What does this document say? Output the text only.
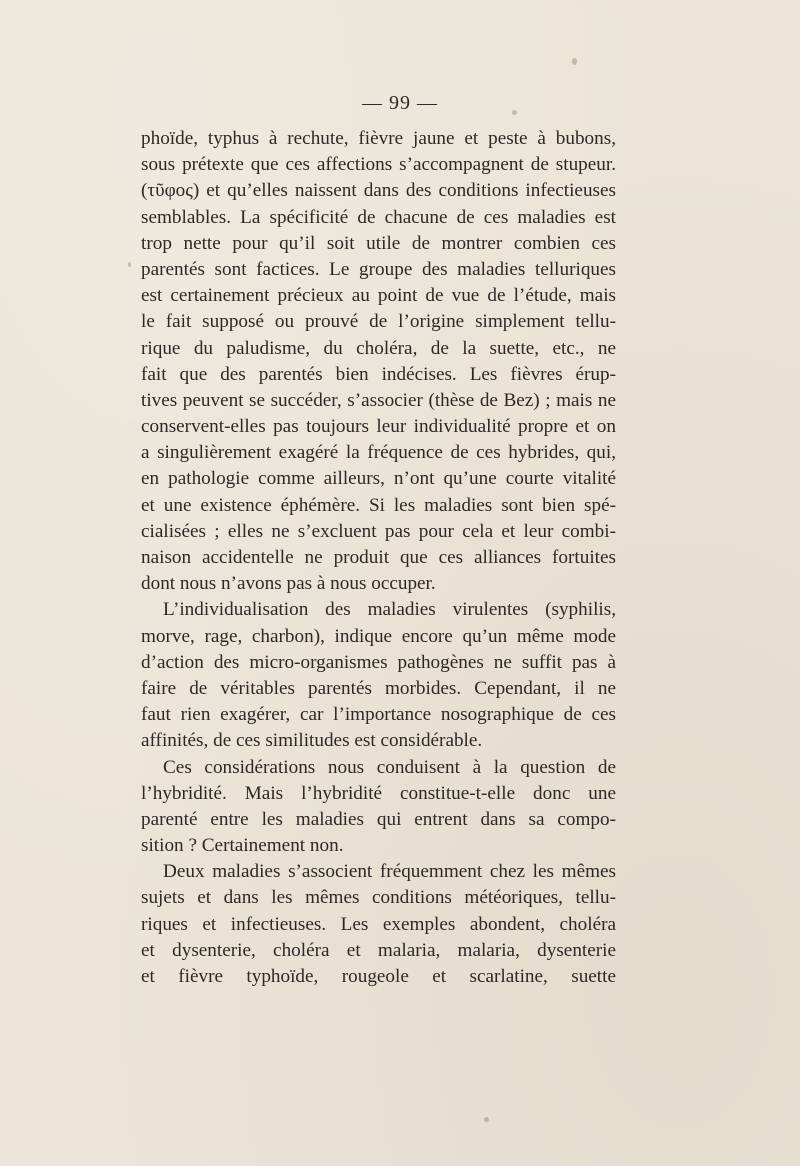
— 99 —
phoïde, typhus à rechute, fièvre jaune et peste à bubons,
sous prétexte que ces affections s’accompagnent de stupeur.
(τῦφος) et qu’elles naissent dans des conditions infectieuses
semblables. La spécificité de chacune de ces maladies est
trop nette pour qu’il soit utile de montrer combien ces
parentés sont factices. Le groupe des maladies telluriques
est certainement précieux au point de vue de l’étude, mais
le fait supposé ou prouvé de l’origine simplement tellu-
rique du paludisme, du choléra, de la suette, etc., ne
fait que des parentés bien indécises. Les fièvres érup-
tives peuvent se succéder, s’associer (thèse de Bez) ; mais ne
conservent-elles pas toujours leur individualité propre et on
a singulièrement exagéré la fréquence de ces hybrides, qui,
en pathologie comme ailleurs, n’ont qu’une courte vitalité
et une existence éphémère. Si les maladies sont bien spé-
cialisées ; elles ne s’excluent pas pour cela et leur combi-
naison accidentelle ne produit que ces alliances fortuites
dont nous n’avons pas à nous occuper.
L’individualisation des maladies virulentes (syphilis,
morve, rage, charbon), indique encore qu’un même mode
d’action des micro-organismes pathogènes ne suffit pas à
faire de véritables parentés morbides. Cependant, il ne
faut rien exagérer, car l’importance nosographique de ces
affinités, de ces similitudes est considérable.
Ces considérations nous conduisent à la question de
l’hybridité. Mais l’hybridité constitue-t-elle donc une
parenté entre les maladies qui entrent dans sa compo-
sition ? Certainement non.
Deux maladies s’associent fréquemment chez les mêmes
sujets et dans les mêmes conditions météoriques, tellu-
riques et infectieuses. Les exemples abondent, choléra
et dysenterie, choléra et malaria, malaria, dysenterie
et fièvre typhoïde, rougeole et scarlatine, suette
